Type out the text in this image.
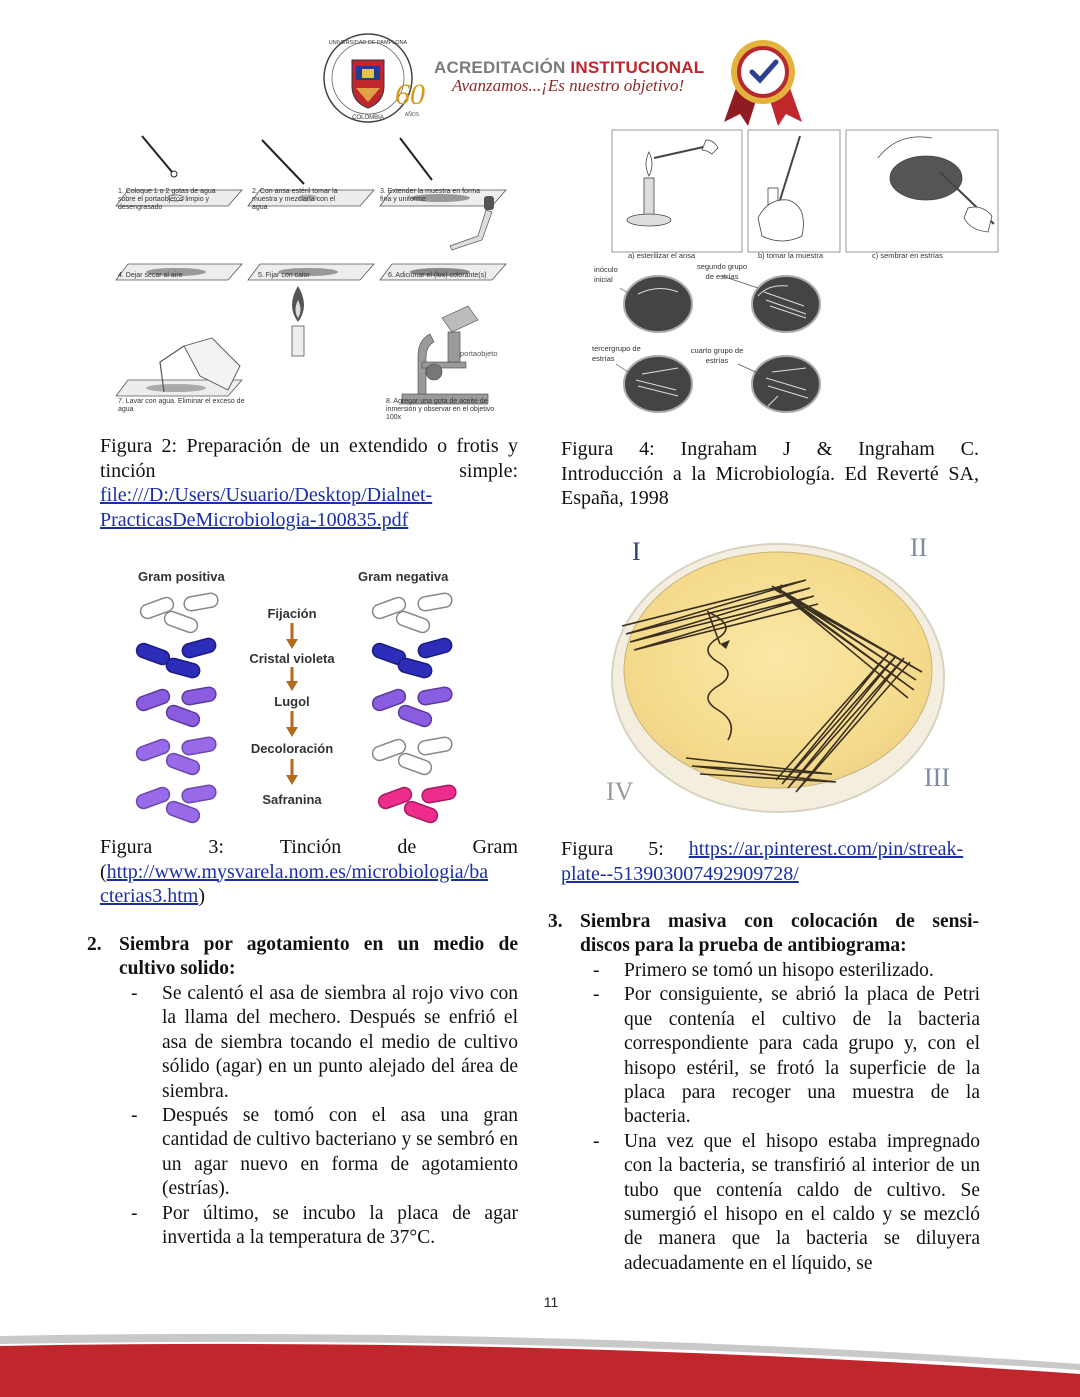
COLOMBIA
UNIVERSIDAD DE PAMPLONA
60
AÑOS
ACREDITACIÓN INSTITUCIONAL
Avanzamos...¡Es nuestro objetivo!
portaobjeto
1. Coloque 1 o 2 gotas de agua sobre el portaobjetos limpio y desengrasado
2. Con ansa estéril tomar la muestra y mezclarla con el agua
3. Extender la muestra en forma fina y uniforme
4. Dejar secar al aire	5. Fijar con calor	6. Adicionar el (los) colorante(s)
7. Lavar con agua. Eliminar el exceso de agua
8. Agregar una gota de aceite de inmersión y observar en el objetivo 100x
Figura 2: Preparación de un extendido o frotis y
tinción simple:
file:///D:/Users/Usuario/Desktop/Dialnet-
PracticasDeMicrobiologia-100835.pdf
a) esterilizar el ansa	b) tomar la muestra	c) sembrar en estrías
inóculo inicial
segundo grupo de estrías
tercergrupo de estrías
cuarto grupo de estrías
Figura 4: Ingraham J & Ingraham C.
Introducción a la Microbiología. Ed Reverté SA,
España, 1998
Gram positiva	Gram negativa
Fijación
Cristal violeta
Lugol
Decoloración
Safranina
Figura 3: Tinción de Gram
(http://www.mysvarela.nom.es/microbiologia/ba
cterias3.htm)
I	II
III
IV
Figura 5: https://ar.pinterest.com/pin/streak-
plate--513903007492909728/
2. Siembra por agotamiento en un medio de
cultivo solido:
- Se calentó el asa de siembra al rojo vivo con la llama del mechero. Después se enfrió el asa de siembra tocando el medio de cultivo sólido (agar) en un punto alejado del área de siembra.
- Después se tomó con el asa una gran cantidad de cultivo bacteriano y se sembró en un agar nuevo en forma de agotamiento (estrías).
- Por último, se incubo la placa de agar invertida a la temperatura de 37°C.
3. Siembra masiva con colocación de sensi-
discos para la prueba de antibiograma:
- Primero se tomó un hisopo esterilizado.
- Por consiguiente, se abrió la placa de Petri que contenía el cultivo de la bacteria correspondiente para cada grupo y, con el hisopo estéril, se frotó la superficie de la placa para recoger una muestra de la bacteria.
- Una vez que el hisopo estaba impregnado con la bacteria, se transfirió al interior de un tubo que contenía caldo de cultivo. Se sumergió el hisopo en el caldo y se mezcló de manera que la bacteria se diluyera adecuadamente en el líquido, se
11
